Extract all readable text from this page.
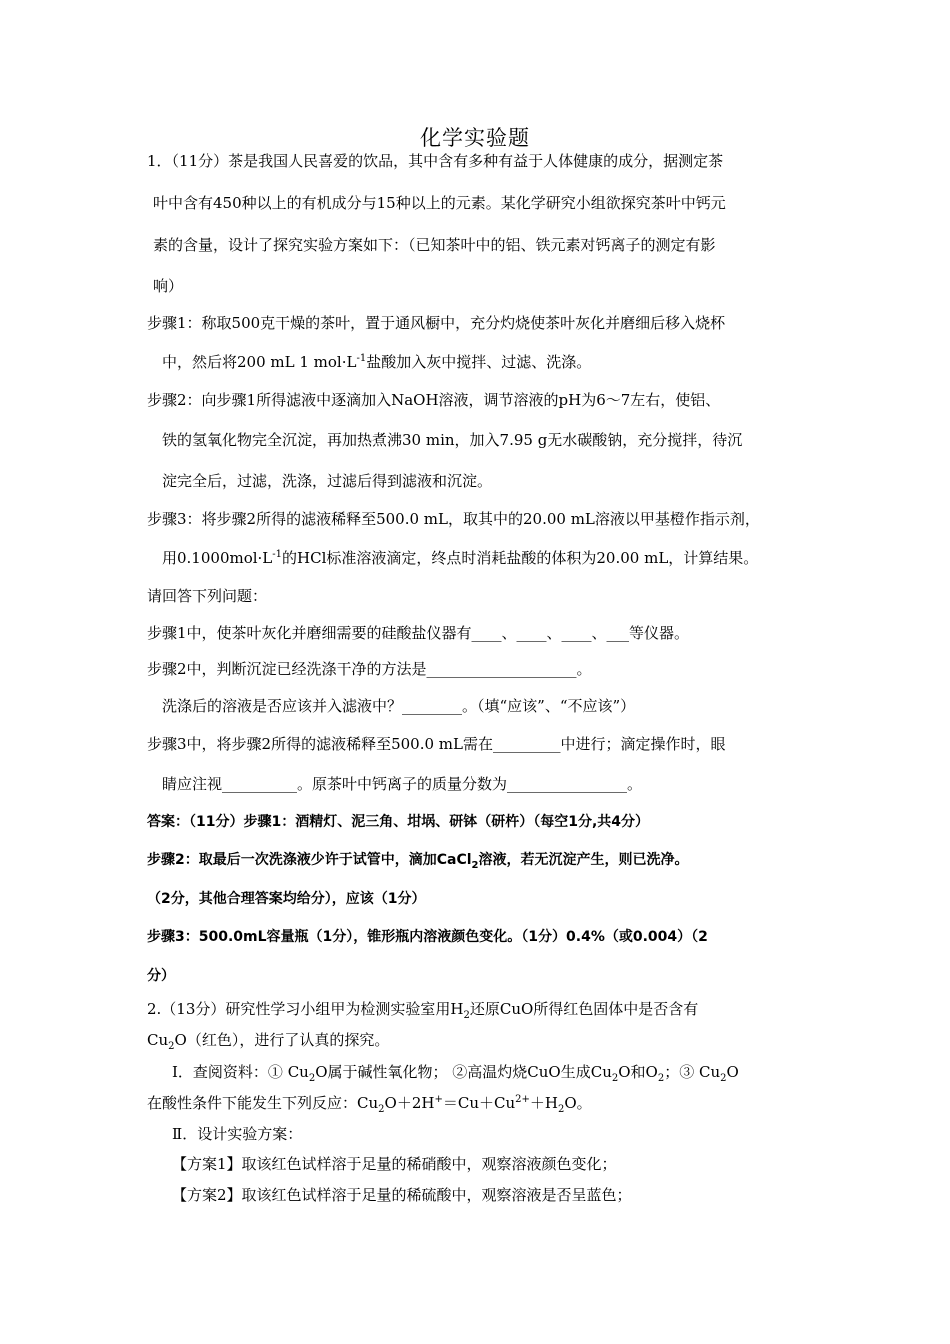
化学实验题
1．（11分）茶是我国人民喜爱的饮品，其中含有多种有益于人体健康的成分，据测定茶
叶中含有450种以上的有机成分与15种以上的元素。某化学研究小组欲探究茶叶中钙元
素的含量，设计了探究实验方案如下：（已知茶叶中的铝、铁元素对钙离子的测定有影
响）
步骤1：称取500克干燥的茶叶，置于通风橱中，充分灼烧使茶叶灰化并磨细后移入烧杯
中，然后将200 mL 1 $mol\cdot L^{-1}$盐酸加入灰中搅拌、过滤、洗涤。
步骤2：向步骤1所得滤液中逐滴加入NaOH溶液，调节溶液的pH为6～7左右，使铝、
铁的氢氧化物完全沉淀，再加热煮沸30 min，加入7.95 g无水碳酸钠，充分搅拌，待沉
淀完全后，过滤，洗涤，过滤后得到滤液和沉淀。
步骤3：将步骤2所得的滤液稀释至500.0 mL，取其中的20.00 mL溶液以甲基橙作指示剂，
用$0.1000mol\cdot L^{-1}$的HCl标准溶液滴定，终点时消耗盐酸的体积为20.00 mL，计算结果。
请回答下列问题：
步骤1中，使茶叶灰化并磨细需要的硅酸盐仪器有____、____、____、___等仪器。
步骤2中，判断沉淀已经洗涤干净的方法是____________________。
洗涤后的溶液是否应该并入滤液中？________。（填“应该”、“不应该”）
步骤3中，将步骤2所得的滤液稀释至500.0 mL需在_________中进行；滴定操作时，眼
睛应注视__________。原茶叶中钙离子的质量分数为________________。
答案：（11分）步骤1：酒精灯、泥三角、坩埚、研钵（研杵）（每空1分,共4分）
步骤2：取最后一次洗涤液少许于试管中，滴加CaCl$_2$溶液，若无沉淀产生，则已洗净。
（2分，其他合理答案均给分），应该（1分）
步骤3：500.0mL容量瓶（1分），锥形瓶内溶液颜色变化。（1分）0.4%（或0.004）（2
分）
2.（13分）研究性学习小组甲为检测实验室用$H_2$还原CuO所得红色固体中是否含有
$Cu_2O$（红色），进行了认真的探究。
Ⅰ．查阅资料：① $Cu_2O$属于碱性氧化物； ②高温灼烧CuO生成$Cu_2O$和$O_2$；③ $Cu_2O$
在酸性条件下能发生下列反应：$Cu_2O+2H^+=Cu+Cu^{2+}+H_2O$。
Ⅱ．设计实验方案：
【方案1】取该红色试样溶于足量的稀硝酸中，观察溶液颜色变化；
【方案2】取该红色试样溶于足量的稀硫酸中，观察溶液是否呈蓝色；
